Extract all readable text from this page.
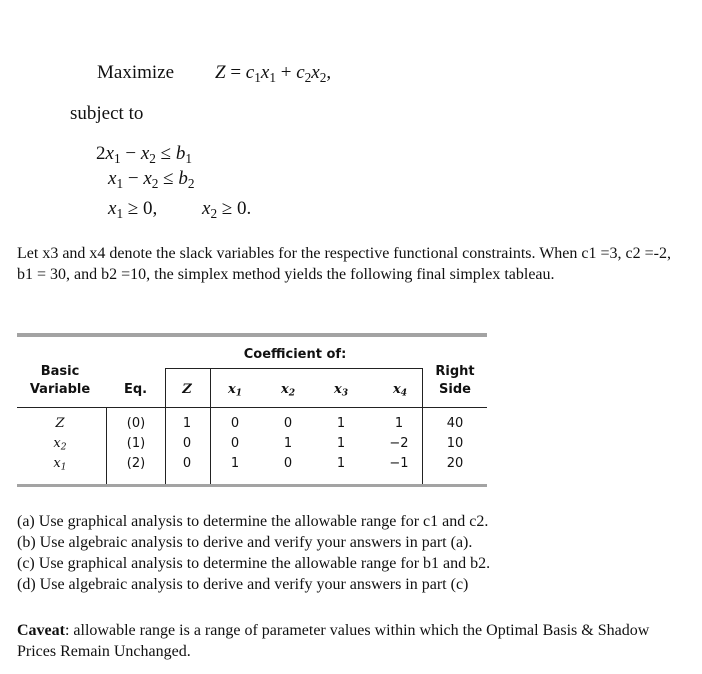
Maximize $Z = c_1x_1 + c_2x_2$,
subject to
$2x_1 - x_2 \le b_1$
$x_1 - x_2 \le b_2$
$x_1 \ge 0$, $x_2 \ge 0$.
Let x3 and x4 denote the slack variables for the respective functional constraints. When c1 =3, c2 =-2, b1 = 30, and b2 =10, the simplex method yields the following final simplex tableau.
Coefficient of:
Basic
Variable	Eq.	Z	$x_1$	$x_2$	$x_3$	$x_4$
Right
Side
Z	(0)	1	0	0	1	1	40
$x_2$	(1)	0	0	1	1	−2	10
$x_1$	(2)	0	1	0	1	−1	20
(a) Use graphical analysis to determine the allowable range for c1 and c2.
(b) Use algebraic analysis to derive and verify your answers in part (a).
(c) Use graphical analysis to determine the allowable range for b1 and b2.
(d) Use algebraic analysis to derive and verify your answers in part (c)
Caveat: allowable range is a range of parameter values within which the Optimal Basis & Shadow Prices Remain Unchanged.
